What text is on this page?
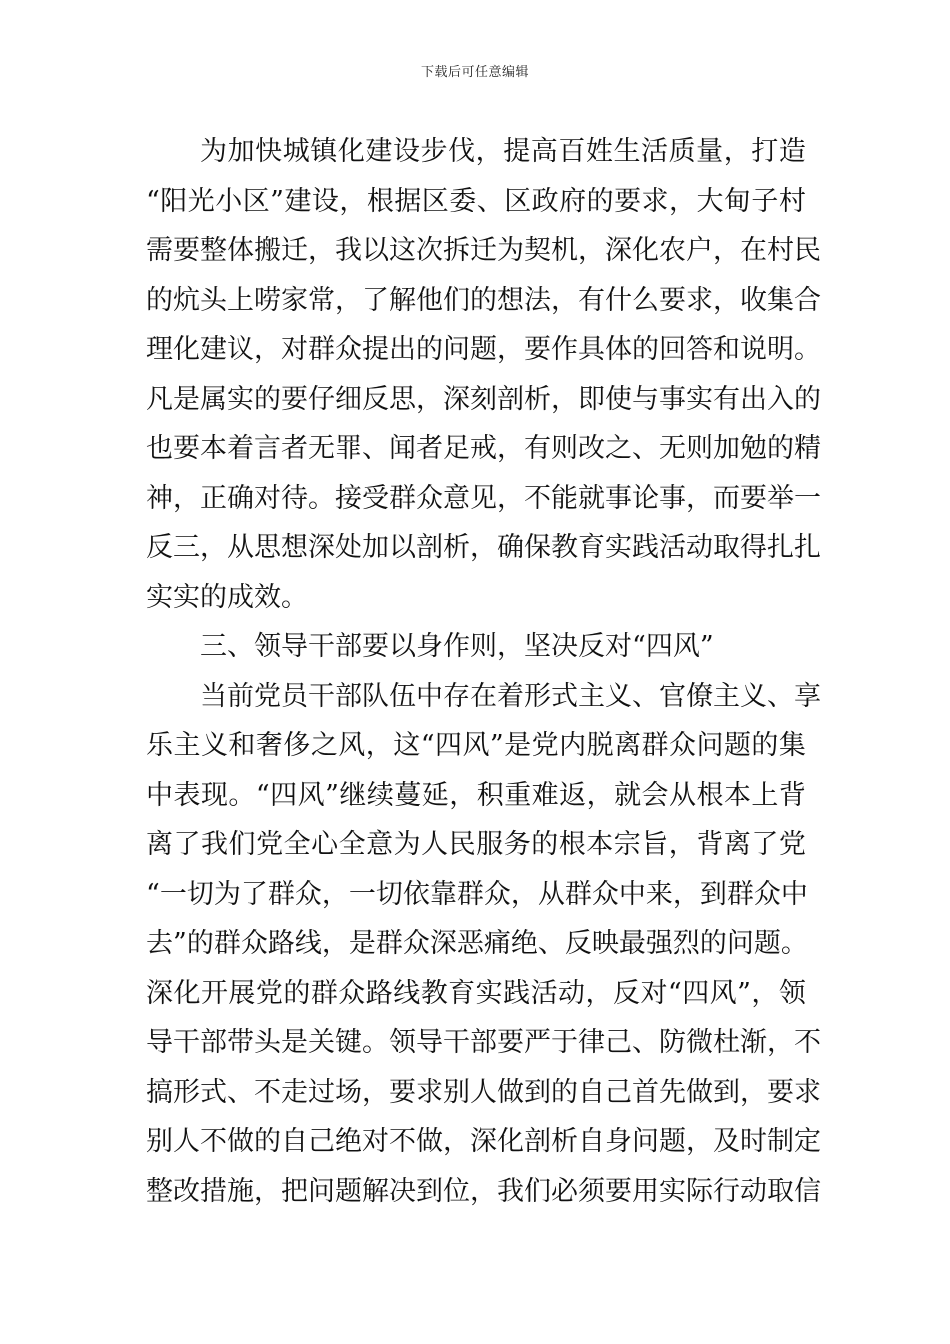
下载后可任意编辑
为 加 快 城 镇 化 建 设 步 伐 ， 提 高 百 姓 生 活 质 量 ， 打 造
“ 阳 光 小 区 ” 建 设 ， 根 据 区 委 、 区 政 府 的 要 求 ， 大 甸 子 村
需 要 整 体 搬 迁 ， 我 以 这 次 拆 迁 为 契 机 ， 深 化 农 户 ， 在 村 民
的 炕 头 上 唠 家 常 ， 了 解 他 们 的 想 法 ， 有 什 么 要 求 ， 收 集 合
理 化 建 议 ， 对 群 众 提 出 的 问 题 ， 要 作 具 体 的 回 答 和 说 明 。
凡 是 属 实 的 要 仔 细 反 思 ， 深 刻 剖 析 ， 即 使 与 事 实 有 出 入 的
也 要 本 着 言 者 无 罪 、 闻 者 足 戒 ， 有 则 改 之 、 无 则 加 勉 的 精
神 ， 正 确 对 待 。 接 受 群 众 意 见 ， 不 能 就 事 论 事 ， 而 要 举 一
反 三 ， 从 思 想 深 处 加 以 剖 析 ， 确 保 教 育 实 践 活 动 取 得 扎 扎
实 实 的 成 效 。
三 、 领 导 干 部 要 以 身 作 则 ， 坚 决 反 对 “ 四 风 ”
当 前 党 员 干 部 队 伍 中 存 在 着 形 式 主 义 、 官 僚 主 义 、 享
乐 主 义 和 奢 侈 之 风 ， 这 “ 四 风 ” 是 党 内 脱 离 群 众 问 题 的 集
中 表 现 。 “ 四 风 ” 继 续 蔓 延 ， 积 重 难 返 ， 就 会 从 根 本 上 背
离 了 我 们 党 全 心 全 意 为 人 民 服 务 的 根 本 宗 旨 ， 背 离 了 党
“ 一 切 为 了 群 众 ， 一 切 依 靠 群 众 ， 从 群 众 中 来 ， 到 群 众 中
去 ” 的 群 众 路 线 ， 是 群 众 深 恶 痛 绝 、 反 映 最 强 烈 的 问 题 。
深 化 开 展 党 的 群 众 路 线 教 育 实 践 活 动 ， 反 对 “ 四 风 ” ， 领
导 干 部 带 头 是 关 键 。 领 导 干 部 要 严 于 律 己 、 防 微 杜 渐 ， 不
搞 形 式 、 不 走 过 场 ， 要 求 别 人 做 到 的 自 己 首 先 做 到 ， 要 求
别 人 不 做 的 自 己 绝 对 不 做 ， 深 化 剖 析 自 身 问 题 ， 及 时 制 定
整 改 措 施 ， 把 问 题 解 决 到 位 ， 我 们 必 须 要 用 实 际 行 动 取 信
